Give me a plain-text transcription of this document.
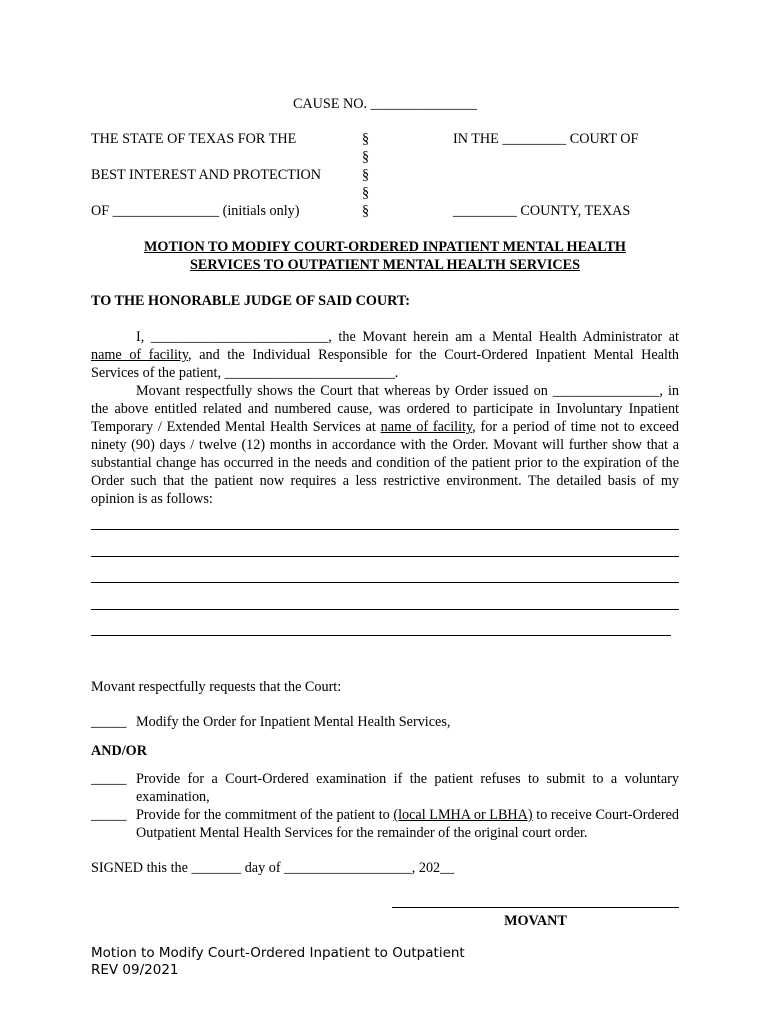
CAUSE NO. _______________
THE STATE OF TEXAS FOR THE
BEST INTEREST AND PROTECTION
OF _______________ (initials only)
§
§
§
§
§
IN THE _________ COURT OF
_________ COUNTY, TEXAS
MOTION TO MODIFY COURT-ORDERED INPATIENT MENTAL HEALTH
SERVICES TO OUTPATIENT MENTAL HEALTH SERVICES
TO THE HONORABLE JUDGE OF SAID COURT:

I, _________________________, the Movant herein am a Mental Health Administrator at name of facility, and the Individual Responsible for the Court-Ordered Inpatient Mental Health Services of the patient, ________________________.

Movant respectfully shows the Court that whereas by Order issued on _______________, in the above entitled related and numbered cause, was ordered to participate in Involuntary Inpatient Temporary / Extended Mental Health Services at name of facility, for a period of time not to exceed ninety (90) days / twelve (12) months in accordance with the Order. Movant will further show that a substantial change has occurred in the needs and condition of the patient prior to the expiration of the Order such that the patient now requires a less restrictive environment. The detailed basis of my opinion is as follows:

Movant respectfully requests that the Court:
_____ Modify the Order for Inpatient Mental Health Services,
AND/OR
_____ Provide for a Court-Ordered examination if the patient refuses to submit to a voluntary examination,
_____ Provide for the commitment of the patient to (local LMHA or LBHA) to receive Court-Ordered Outpatient Mental Health Services for the remainder of the original court order.
SIGNED this the _______ day of __________________, 202__
MOVANT
Motion to Modify Court-Ordered Inpatient to Outpatient
REV 09/2021
